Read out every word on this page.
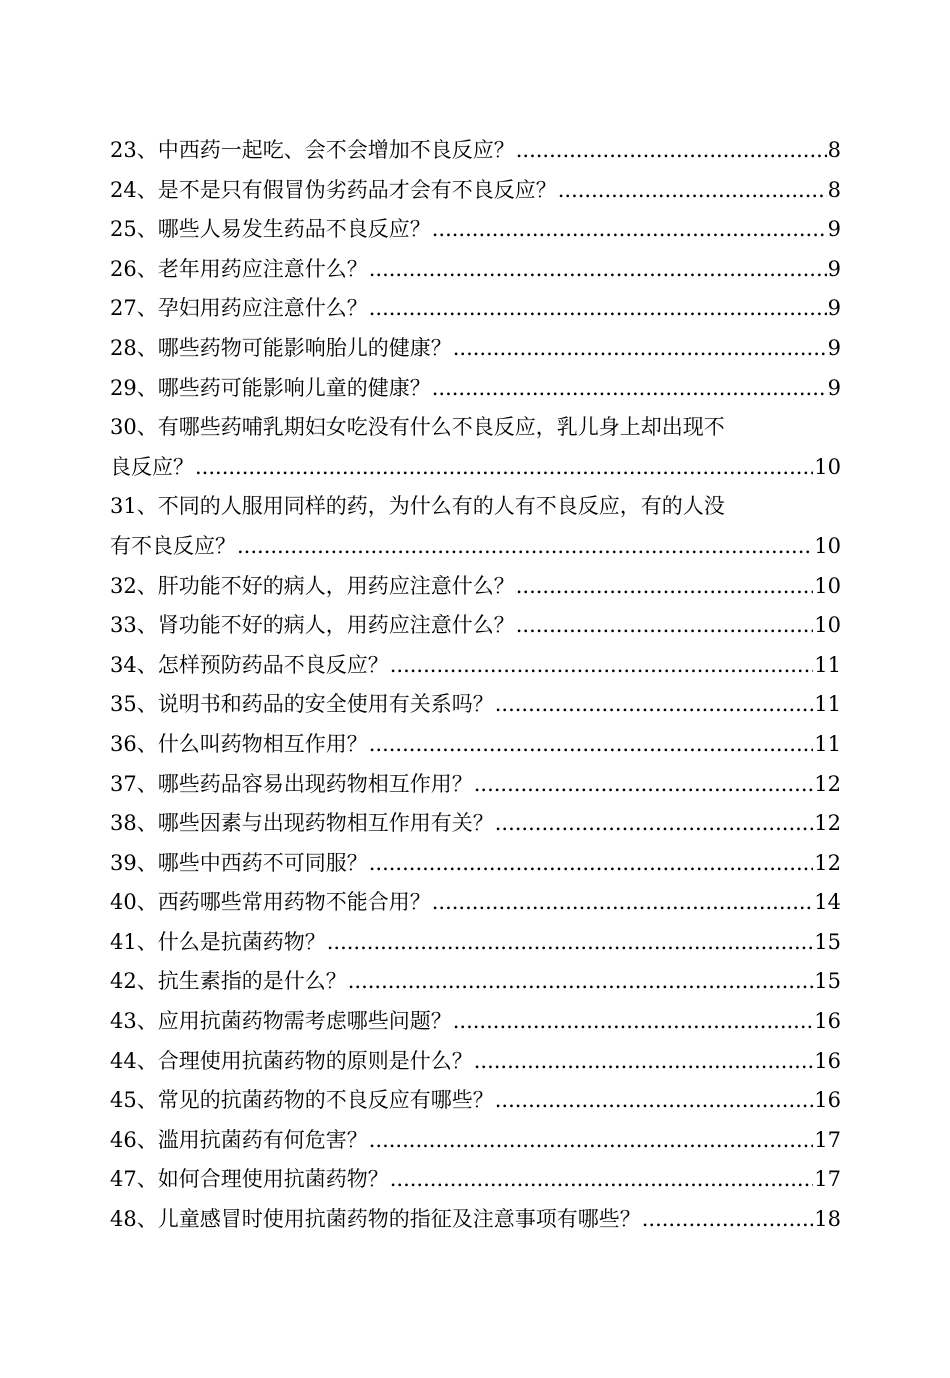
23、中西药一起吃、会不会增加不良反应？ .....	8
24、是不是只有假冒伪劣药品才会有不良反应？ .....	8
25、哪些人易发生药品不良反应？ .....	9
26、老年用药应注意什么？ .....	9
27、孕妇用药应注意什么？ .....	9
28、哪些药物可能影响胎儿的健康？ .....	9
29、哪些药可能影响儿童的健康？ .....	9
30、有哪些药哺乳期妇女吃没有什么不良反应，乳儿身上却出现不
良反应？ .....	10
31、不同的人服用同样的药，为什么有的人有不良反应，有的人没
有不良反应？ .....	10
32、肝功能不好的病人，用药应注意什么？ .....	10
33、肾功能不好的病人，用药应注意什么？ .....	10
34、怎样预防药品不良反应？ .....	11
35、说明书和药品的安全使用有关系吗？ .....	11
36、什么叫药物相互作用？ .....	11
37、哪些药品容易出现药物相互作用？ .....	12
38、哪些因素与出现药物相互作用有关？ .....	12
39、哪些中西药不可同服？ .....	12
40、西药哪些常用药物不能合用？ .....	14
41、什么是抗菌药物？ .....	15
42、抗生素指的是什么？ .....	15
43、应用抗菌药物需考虑哪些问题？ .....	16
44、合理使用抗菌药物的原则是什么？ .....	16
45、常见的抗菌药物的不良反应有哪些？ .....	16
46、滥用抗菌药有何危害？ .....	17
47、如何合理使用抗菌药物？ .....	17
48、儿童感冒时使用抗菌药物的指征及注意事项有哪些？ .....	18
